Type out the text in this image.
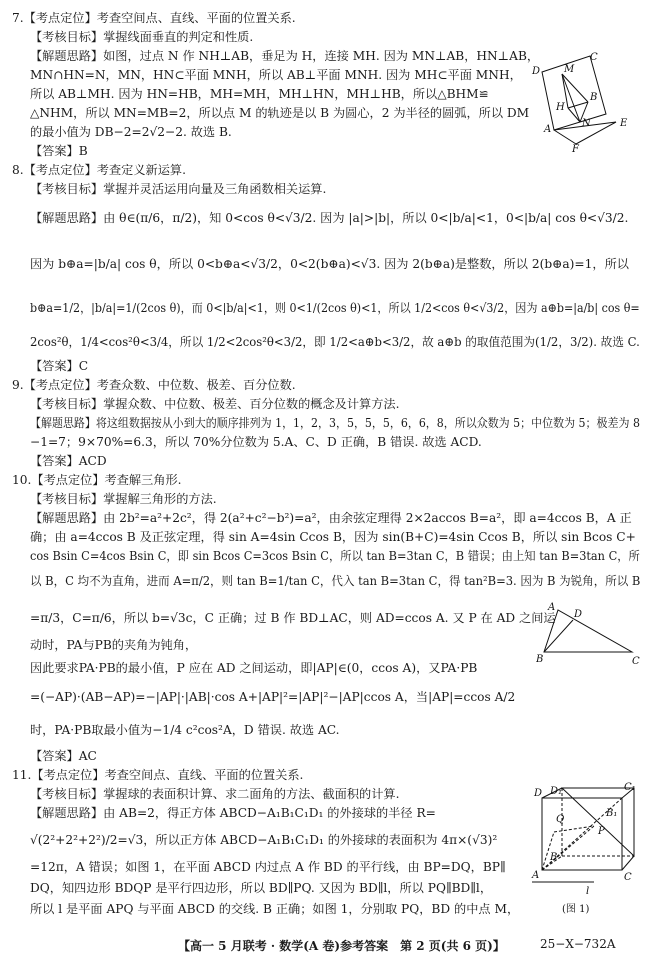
7.【考点定位】考查空间点、直线、平面的位置关系.
【考核目标】掌握线面垂直的判定和性质.
【解题思路】如图，过点 N 作 NH⊥AB，垂足为 H，连接 MH. 因为 MN⊥AB，HN⊥AB，
MN∩HN=N，MN，HN⊂平面 MNH，所以 AB⊥平面 MNH. 因为 MH⊂平面 MNH，
所以 AB⊥MH. 因为 HN=HB，MH=MH，MH⊥HN，MH⊥HB，所以△BHM≌
△NHM，所以 MN=MB=2，所以点 M 的轨迹是以 B 为圆心，2 为半径的圆弧，所以 DM
的最小值为 DB−2=2√2−2. 故选 B.
【答案】B
8.【考点定位】考查定义新运算.
【考核目标】掌握并灵活运用向量及三角函数相关运算.
【解题思路】由 θ∈(π/6，π/2)，知 0<cos θ<√3/2. 因为 |a|>|b|，所以 0<|b/a|<1，0<|b/a| cos θ<√3/2.
因为 b⊕a=|b/a| cos θ，所以 0<b⊕a<√3/2，0<2(b⊕a)<√3. 因为 2(b⊕a)是整数，所以 2(b⊕a)=1，所以
b⊕a=1/2，|b/a|=1/(2cos θ)，而 0<|b/a|<1，则 0<1/(2cos θ)<1，所以 1/2<cos θ<√3/2，因为 a⊕b=|a/b| cos θ=
2cos²θ，1/4<cos²θ<3/4，所以 1/2<2cos²θ<3/2，即 1/2<a⊕b<3/2，故 a⊕b 的取值范围为(1/2，3/2). 故选 C.
【答案】C
9.【考点定位】考查众数、中位数、极差、百分位数.
【考核目标】掌握众数、中位数、极差、百分位数的概念及计算方法.
【解题思路】将这组数据按从小到大的顺序排列为 1，1，2，3，5，5，5，6，6，8，所以众数为 5；中位数为 5；极差为 8
−1=7；9×70%=6.3，所以 70%分位数为 5.A、C、D 正确，B 错误. 故选 ACD.
【答案】ACD
10.【考点定位】考查解三角形.
【考核目标】掌握解三角形的方法.
【解题思路】由 2b²=a²+2c²，得 2(a²+c²−b²)=a²，由余弦定理得 2×2accos B=a²，即 a=4ccos B，A 正
确；由 a=4ccos B 及正弦定理，得 sin A=4sin Ccos B，因为 sin(B+C)=4sin Ccos B，所以 sin Bcos C+
cos Bsin C=4cos Bsin C，即 sin Bcos C=3cos Bsin C，所以 tan B=3tan C，B 错误；由上知 tan B=3tan C，所
以 B，C 均不为直角，进而 A=π/2，则 tan B=1/tan C，代入 tan B=3tan C，得 tan²B=3. 因为 B 为锐角，所以 B
=π/3，C=π/6，所以 b=√3c，C 正确；过 B 作 BD⊥AC，则 AD=ccos A. 又 P 在 AD 之间运
动时，PA与PB的夹角为钝角，
因此要求PA·PB的最小值，P 应在 AD 之间运动，即|AP|∈(0，ccos A)，又PA·PB
=(−AP)·(AB−AP)=−|AP|·|AB|·cos A+|AP|²=|AP|²−|AP|ccos A，当|AP|=ccos A/2
时，PA·PB取最小值为−1/4 c²cos²A，D 错误. 故选 AC.
【答案】AC
11.【考点定位】考查空间点、直线、平面的位置关系.
【考核目标】掌握球的表面积计算、求二面角的方法、截面积的计算.
【解题思路】由 AB=2，得正方体 ABCD−A₁B₁C₁D₁ 的外接球的半径 R=
√(2²+2²+2²)/2=√3，所以正方体 ABCD−A₁B₁C₁D₁ 的外接球的表面积为 4π×(√3)²
=12π，A 错误；如图 1，在平面 ABCD 内过点 A 作 BD 的平行线，由 BP=DQ，BP∥
DQ，知四边形 BDQP 是平行四边形，所以 BD∥PQ. 又因为 BD∥l，所以 PQ∥BD∥l，
所以 l 是平面 APQ 与平面 ABCD 的交线. B 正确；如图 1，分别取 PQ，BD 的中点 M，
D M
C
H
B
A
N	E
F
A
D
B	C
D
C₁
D₁
Q
B₁
C
P
A
B
l
(图 1)
【高一 5 月联考 · 数学(A 卷)参考答案　第 2 页(共 6 页)】	25−X−732A
